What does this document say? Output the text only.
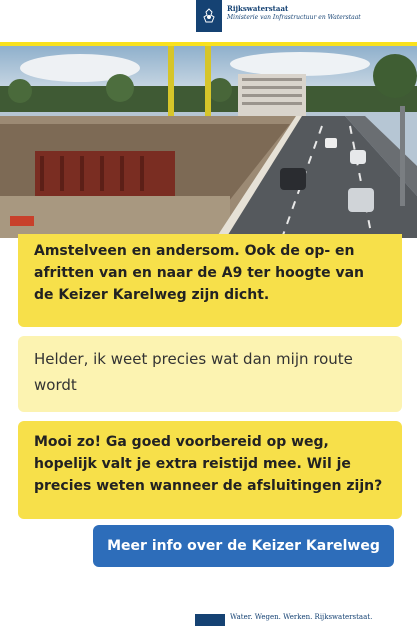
Rijkswaterstaat
Ministerie van Infrastructuur en Waterstaat
Amstelveen en andersom. Ook de op- en afritten van en naar de A9 ter hoogte van de Keizer Karelweg zijn dicht.
Helder, ik weet precies wat dan mijn route wordt
Mooi zo! Ga goed voorbereid op weg, hopelijk valt je extra reistijd mee. Wil je precies weten wanneer de afsluitingen zijn?
Meer info over de Keizer Karelweg
Water. Wegen. Werken. Rijkswaterstaat.
